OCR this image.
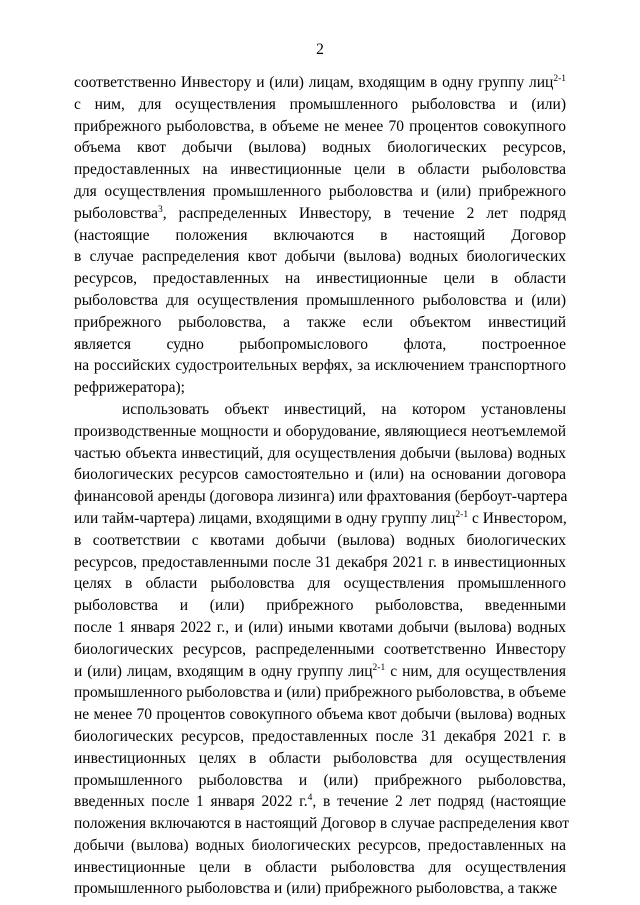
2
соответственно Инвестору и (или) лицам, входящим в одну группу лиц$^{2-1}$
с ним, для осуществления промышленного рыболовства и (или)
прибрежного рыболовства, в объеме не менее 70 процентов совокупного
объема квот добычи (вылова) водных биологических ресурсов,
предоставленных на инвестиционные цели в области рыболовства
для осуществления промышленного рыболовства и (или) прибрежного
рыболовства$^3$, распределенных Инвестору, в течение 2 лет подряд
(настоящие положения включаются в настоящий Договор
в случае распределения квот добычи (вылова) водных биологических
ресурсов, предоставленных на инвестиционные цели в области
рыболовства для осуществления промышленного рыболовства и (или)
прибрежного рыболовства, а также если объектом инвестиций
является судно рыбопромыслового флота, построенное
на российских судостроительных верфях, за исключением транспортного
рефрижератора);
использовать объект инвестиций, на котором установлены
производственные мощности и оборудование, являющиеся неотъемлемой
частью объекта инвестиций, для осуществления добычи (вылова) водных
биологических ресурсов самостоятельно и (или) на основании договора
финансовой аренды (договора лизинга) или фрахтования (бербоут-чартера
или тайм-чартера) лицами, входящими в одну группу лиц$^{2-1}$ с Инвестором,
в соответствии с квотами добычи (вылова) водных биологических
ресурсов, предоставленными после 31 декабря 2021 г. в инвестиционных
целях в области рыболовства для осуществления промышленного
рыболовства и (или) прибрежного рыболовства, введенными
после 1 января 2022 г., и (или) иными квотами добычи (вылова) водных
биологических ресурсов, распределенными соответственно Инвестору
и (или) лицам, входящим в одну группу лиц$^{2-1}$ с ним, для осуществления
промышленного рыболовства и (или) прибрежного рыболовства, в объеме
не менее 70 процентов совокупного объема квот добычи (вылова) водных
биологических ресурсов, предоставленных после 31 декабря 2021 г. в
инвестиционных целях в области рыболовства для осуществления
промышленного рыболовства и (или) прибрежного рыболовства,
введенных после 1 января 2022 г.$^4$, в течение 2 лет подряд (настоящие
положения включаются в настоящий Договор в случае распределения квот
добычи (вылова) водных биологических ресурсов, предоставленных на
инвестиционные цели в области рыболовства для осуществления
промышленного рыболовства и (или) прибрежного рыболовства, а также
